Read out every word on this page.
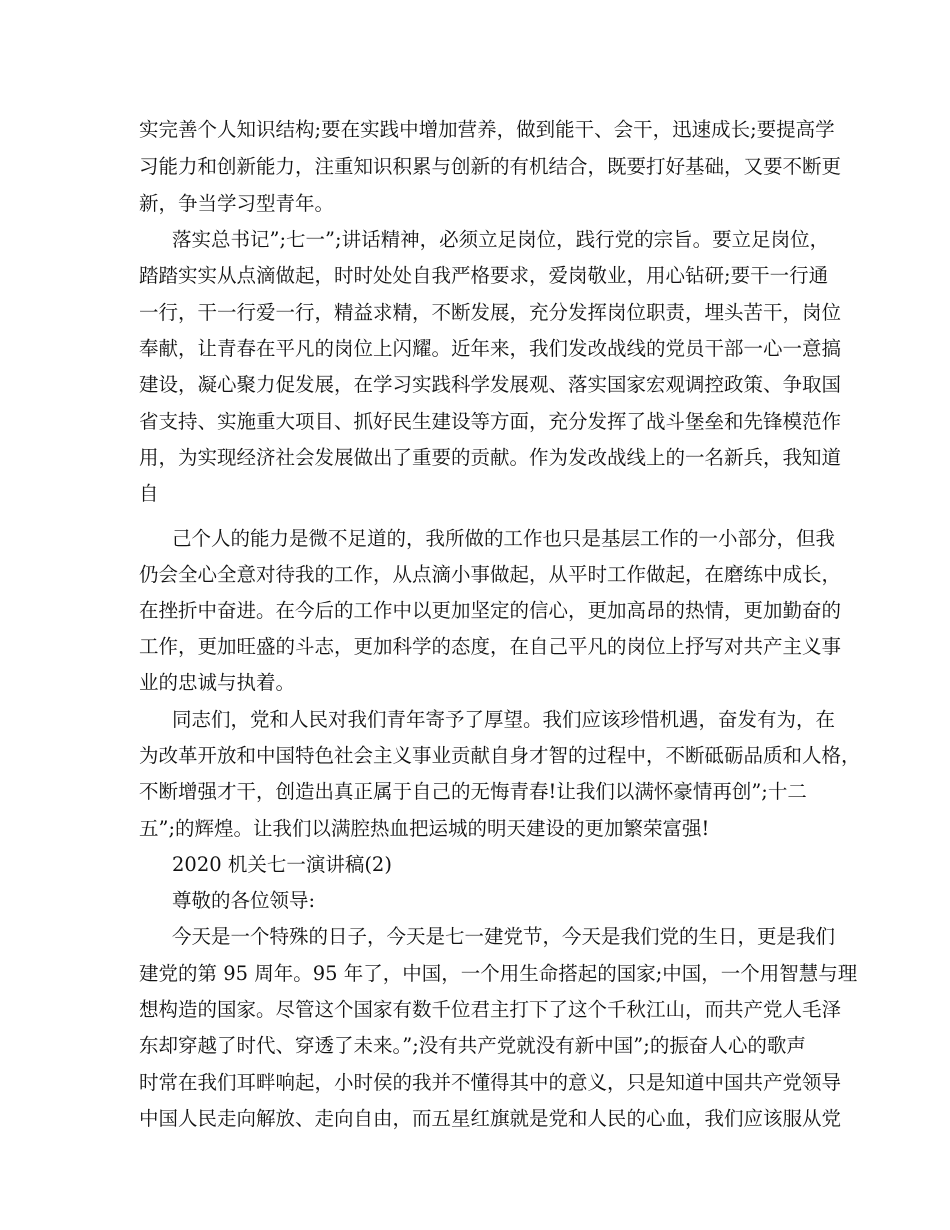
实完善个人知识结构;要在实践中增加营养，做到能干、会干，迅速成长;要提高学
习能力和创新能力，注重知识积累与创新的有机结合，既要打好基础，又要不断更
新，争当学习型青年。
落实总书记”;七一”;讲话精神，必须立足岗位，践行党的宗旨。要立足岗位，
踏踏实实从点滴做起，时时处处自我严格要求，爱岗敬业，用心钻研;要干一行通
一行，干一行爱一行，精益求精，不断发展，充分发挥岗位职责，埋头苦干，岗位
奉献，让青春在平凡的岗位上闪耀。近年来，我们发改战线的党员干部一心一意搞
建设，凝心聚力促发展，在学习实践科学发展观、落实国家宏观调控政策、争取国
省支持、实施重大项目、抓好民生建设等方面，充分发挥了战斗堡垒和先锋模范作
用，为实现经济社会发展做出了重要的贡献。作为发改战线上的一名新兵，我知道
自
己个人的能力是微不足道的，我所做的工作也只是基层工作的一小部分，但我
仍会全心全意对待我的工作，从点滴小事做起，从平时工作做起，在磨练中成长，
在挫折中奋进。在今后的工作中以更加坚定的信心，更加高昂的热情，更加勤奋的
工作，更加旺盛的斗志，更加科学的态度，在自己平凡的岗位上抒写对共产主义事
业的忠诚与执着。
同志们，党和人民对我们青年寄予了厚望。我们应该珍惜机遇，奋发有为，在
为改革开放和中国特色社会主义事业贡献自身才智的过程中，不断砥砺品质和人格，
不断增强才干，创造出真正属于自己的无悔青春!让我们以满怀豪情再创”;十二
五”;的辉煌。让我们以满腔热血把运城的明天建设的更加繁荣富强!
2020 机关七一演讲稿(2)
尊敬的各位领导:
今天是一个特殊的日子，今天是七一建党节，今天是我们党的生日，更是我们
建党的第 95 周年。95 年了，中国，一个用生命搭起的国家;中国，一个用智慧与理
想构造的国家。尽管这个国家有数千位君主打下了这个千秋江山，而共产党人毛泽
东却穿越了时代、穿透了未来。”;没有共产党就没有新中国”;的振奋人心的歌声
时常在我们耳畔响起，小时侯的我并不懂得其中的意义，只是知道中国共产党领导
中国人民走向解放、走向自由，而五星红旗就是党和人民的心血，我们应该服从党
